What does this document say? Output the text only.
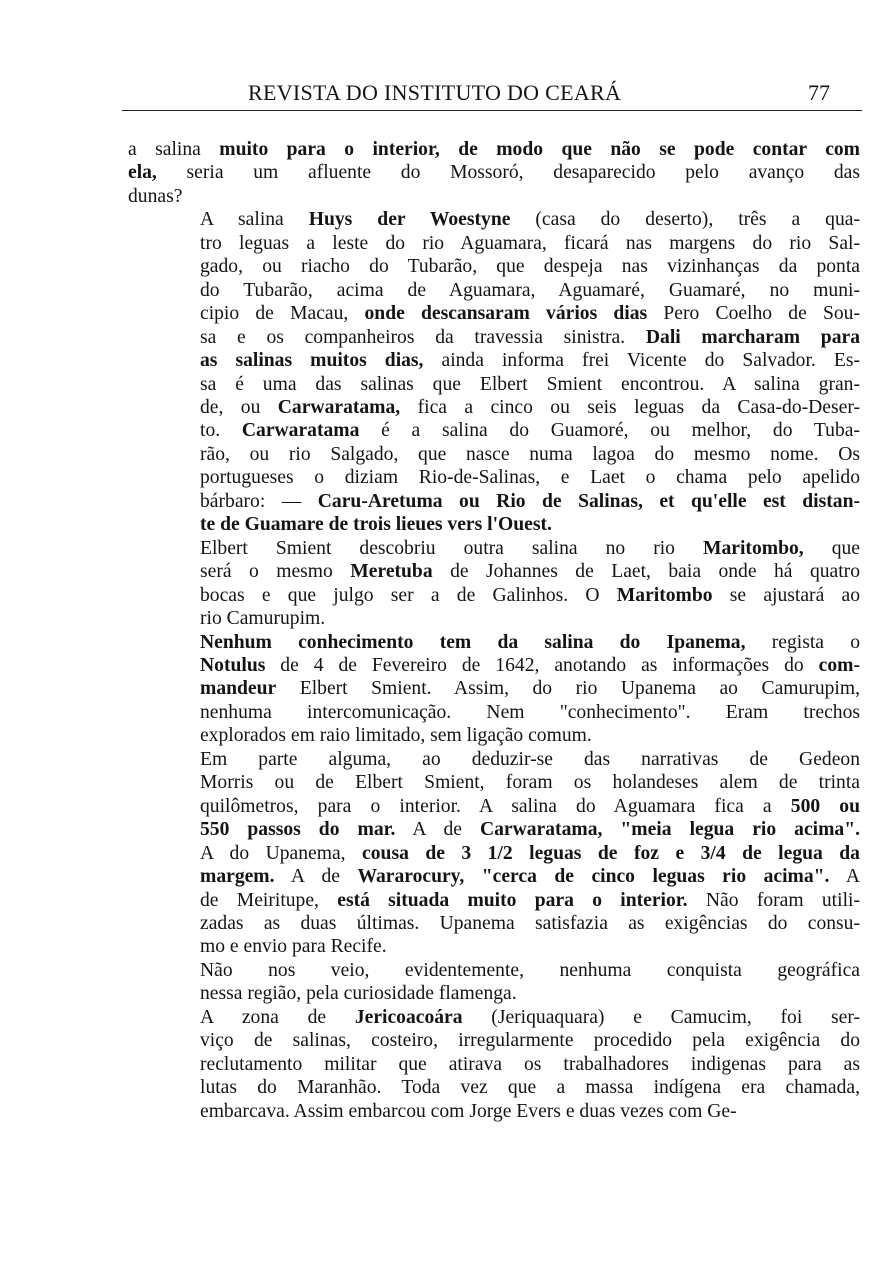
REVISTA DO INSTITUTO DO CEARÁ	77

a salina muito para o interior, de modo que não se pode contar com
ela, seria um afluente do Mossoró, desaparecido pelo avanço das
dunas?

A salina Huys der Woestyne (casa do deserto), três a qua-
tro leguas a leste do rio Aguamara, ficará nas margens do rio Sal-
gado, ou riacho do Tubarão, que despeja nas vizinhanças da ponta
do Tubarão, acima de Aguamara, Aguamaré, Guamaré, no muni-
cipio de Macau, onde descansaram vários dias Pero Coelho de Sou-
sa e os companheiros da travessia sinistra. Dali marcharam para
as salinas muitos dias, ainda informa frei Vicente do Salvador. Es-
sa é uma das salinas que Elbert Smient encontrou. A salina gran-
de, ou Carwaratama, fica a cinco ou seis leguas da Casa-do-Deser-
to. Carwaratama é a salina do Guamoré, ou melhor, do Tuba-
rão, ou rio Salgado, que nasce numa lagoa do mesmo nome. Os
portugueses o diziam Rio-de-Salinas, e Laet o chama pelo apelido
bárbaro: — Caru-Aretuma ou Rio de Salinas, et qu'elle est distan-
te de Guamare de trois lieues vers l'Ouest.

Elbert Smient descobriu outra salina no rio Maritombo, que
será o mesmo Meretuba de Johannes de Laet, baia onde há quatro
bocas e que julgo ser a de Galinhos. O Maritombo se ajustará ao
rio Camurupim.

Nenhum conhecimento tem da salina do Ipanema, regista o
Notulus de 4 de Fevereiro de 1642, anotando as informações do com-
mandeur Elbert Smient. Assim, do rio Upanema ao Camurupim,
nenhuma intercomunicação. Nem "conhecimento". Eram trechos
explorados em raio limitado, sem ligação comum.

Em parte alguma, ao deduzir-se das narrativas de Gedeon
Morris ou de Elbert Smient, foram os holandeses alem de trinta
quilômetros, para o interior. A salina do Aguamara fica a 500 ou
550 passos do mar. A de Carwaratama, "meia legua rio acima".
A do Upanema, cousa de 3 1/2 leguas de foz e 3/4 de legua da
margem. A de Wararocury, "cerca de cinco leguas rio acima". A
de Meiritupe, está situada muito para o interior. Não foram utili-
zadas as duas últimas. Upanema satisfazia as exigências do consu-
mo e envio para Recife.

Não nos veio, evidentemente, nenhuma conquista geográfica
nessa região, pela curiosidade flamenga.

A zona de Jericoacoára (Jeriquaquara) e Camucim, foi ser-
viço de salinas, costeiro, irregularmente procedido pela exigência do
reclutamento militar que atirava os trabalhadores indigenas para as
lutas do Maranhão. Toda vez que a massa indígena era chamada,
embarcava. Assim embarcou com Jorge Evers e duas vezes com Ge-
